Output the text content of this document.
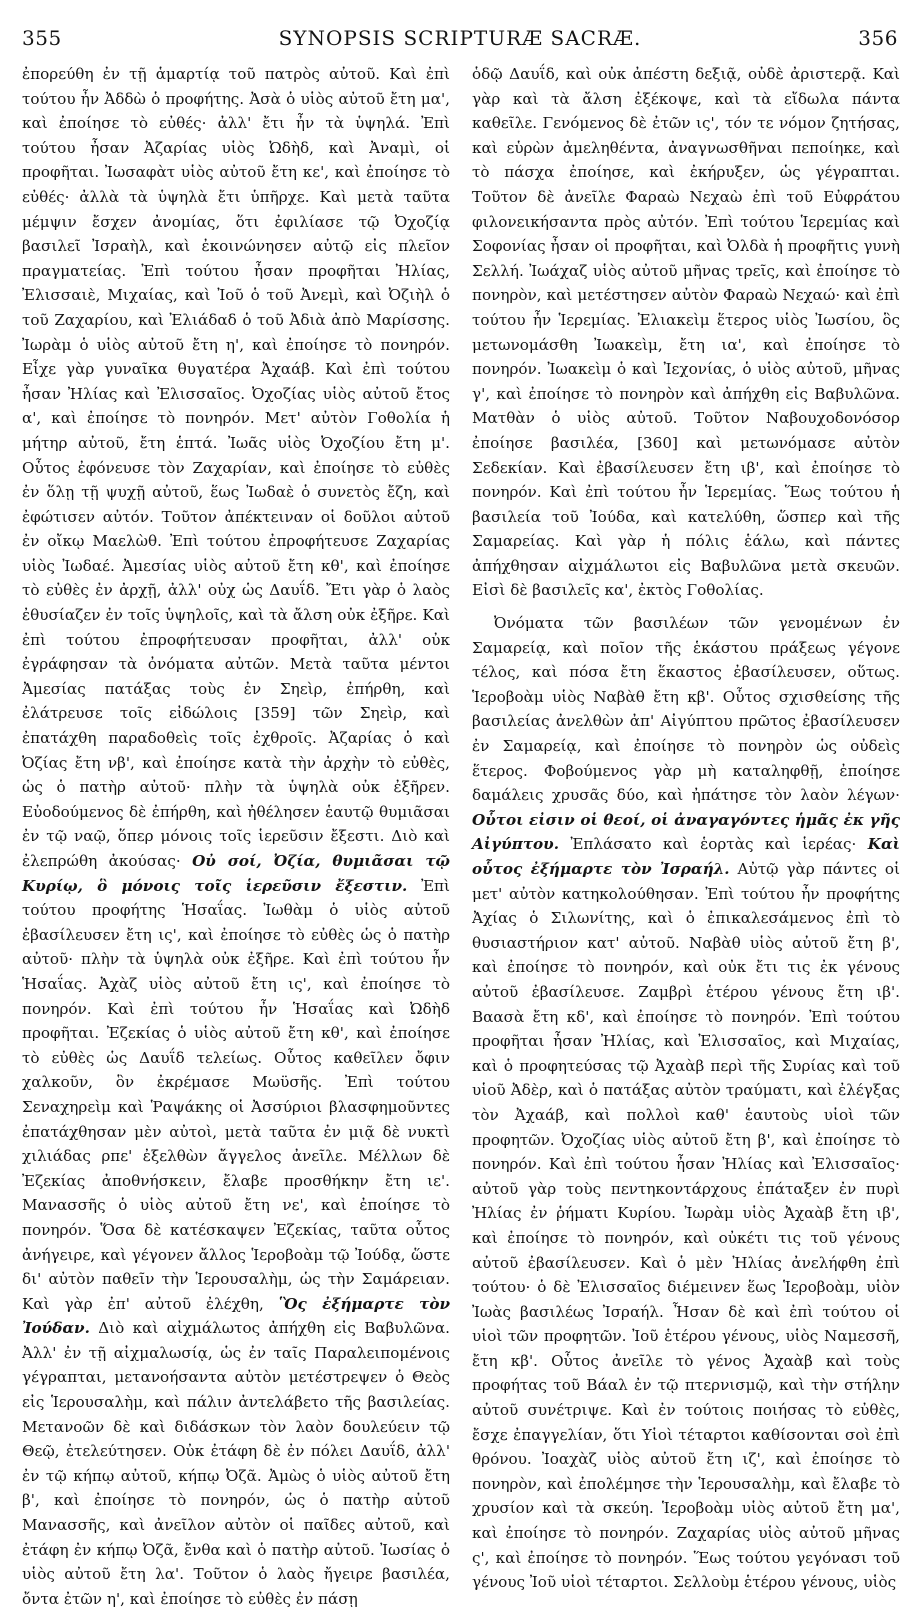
355	SYNOPSIS SCRIPTURÆ SACRÆ.	356

ἐπορεύθη ἐν τῇ ἁμαρτίᾳ τοῦ πατρὸς αὐτοῦ. Καὶ ἐπὶ τούτου ἦν Ἀδδὼ ὁ προφήτης. Ἀσὰ ὁ υἱὸς αὐτοῦ ἔτη μα', καὶ ἐποίησε τὸ εὐθές· ἀλλ' ἔτι ἦν τὰ ὑψηλά. Ἐπὶ τούτου ἦσαν Ἀζαρίας υἱὸς Ὠδὴδ, καὶ Ἀναμὶ, οἱ προφῆται. Ἰωσαφὰτ υἱὸς αὐτοῦ ἔτη κε', καὶ ἐποίησε τὸ εὐθές· ἀλλὰ τὰ ὑψηλὰ ἔτι ὑπῆρχε. Καὶ μετὰ ταῦτα μέμψιν ἔσχεν ἀνομίας, ὅτι ἐφιλίασε τῷ Ὀχοζίᾳ βασιλεῖ Ἰσραὴλ, καὶ ἐκοινώνησεν αὐτῷ εἰς πλεῖον πραγματείας. Ἐπὶ τούτου ἦσαν προφῆται Ἠλίας, Ἐλισσαιὲ, Μιχαίας, καὶ Ἰοῦ ὁ τοῦ Ἀνεμὶ, καὶ Ὀζιὴλ ὁ τοῦ Ζαχαρίου, καὶ Ἐλιάδαδ ὁ τοῦ Ἀδιὰ ἀπὸ Μαρίσσης. Ἰωρὰμ ὁ υἱὸς αὐτοῦ ἔτη η', καὶ ἐποίησε τὸ πονηρόν. Εἶχε γὰρ γυναῖκα θυγατέρα Ἀχαάβ. Καὶ ἐπὶ τούτου ἦσαν Ἠλίας καὶ Ἐλισσαῖος. Ὀχοζίας υἱὸς αὐτοῦ ἔτος α', καὶ ἐποίησε τὸ πονηρόν. Μετ' αὐτὸν Γοθολία ἡ μήτηρ αὐτοῦ, ἔτη ἑπτά. Ἰωᾶς υἱὸς Ὀχοζίου ἔτη μ'. Οὗτος ἐφόνευσε τὸν Ζαχαρίαν, καὶ ἐποίησε τὸ εὐθὲς ἐν ὅλῃ τῇ ψυχῇ αὐτοῦ, ἕως Ἰωδαὲ ὁ συνετὸς ἔζη, καὶ ἐφώτισεν αὐτόν. Τοῦτον ἀπέκτειναν οἱ δοῦλοι αὐτοῦ ἐν οἴκῳ Μαελὼθ. Ἐπὶ τούτου ἐπροφήτευσε Ζαχαρίας υἱὸς Ἰωδαέ. Ἀμεσίας υἱὸς αὐτοῦ ἔτη κθ', καὶ ἐποίησε τὸ εὐθὲς ἐν ἀρχῇ, ἀλλ' οὐχ ὡς Δαυΐδ. Ἔτι γὰρ ὁ λαὸς ἐθυσίαζεν ἐν τοῖς ὑψηλοῖς, καὶ τὰ ἄλση οὐκ ἐξῆρε. Καὶ ἐπὶ τούτου ἐπροφήτευσαν προφῆται, ἀλλ' οὐκ ἐγράφησαν τὰ ὀνόματα αὐτῶν. Μετὰ ταῦτα μέντοι Ἀμεσίας πατάξας τοὺς ἐν Σηεὶρ, ἐπήρθη, καὶ ἐλάτρευσε τοῖς εἰδώλοις [359] τῶν Σηεὶρ, καὶ ἐπατάχθη παραδοθεὶς τοῖς ἐχθροῖς. Ἀζαρίας ὁ καὶ Ὀζίας ἔτη νβ', καὶ ἐποίησε κατὰ τὴν ἀρχὴν τὸ εὐθὲς, ὡς ὁ πατὴρ αὐτοῦ· πλὴν τὰ ὑψηλὰ οὐκ ἐξῆρεν. Εὐοδούμενος δὲ ἐπήρθη, καὶ ἠθέλησεν ἑαυτῷ θυμιᾶσαι ἐν τῷ ναῷ, ὅπερ μόνοις τοῖς ἱερεῦσιν ἔξεστι. Διὸ καὶ ἐλεπρώθη ἀκούσας· Οὐ σοί, Ὀζία, θυμιᾶσαι τῷ Κυρίῳ, ὃ μόνοις τοῖς ἱερεῦσιν ἔξεστιν. Ἐπὶ τούτου προφήτης Ἡσαΐας. Ἰωθὰμ ὁ υἱὸς αὐτοῦ ἐβασίλευσεν ἔτη ις', καὶ ἐποίησε τὸ εὐθὲς ὡς ὁ πατὴρ αὐτοῦ· πλὴν τὰ ὑψηλὰ οὐκ ἐξῆρε. Καὶ ἐπὶ τούτου ἦν Ἡσαΐας. Ἀχὰζ υἱὸς αὐτοῦ ἔτη ις', καὶ ἐποίησε τὸ πονηρόν. Καὶ ἐπὶ τούτου ἦν Ἡσαΐας καὶ Ὠδὴδ προφῆται. Ἐζεκίας ὁ υἱὸς αὐτοῦ ἔτη κθ', καὶ ἐποίησε τὸ εὐθὲς ὡς Δαυΐδ τελείως. Οὗτος καθεῖλεν ὄφιν χαλκοῦν, ὃν ἐκρέμασε Μωϋσῆς. Ἐπὶ τούτου Σεναχηρεὶμ καὶ Ῥαψάκης οἱ Ἀσσύριοι βλασφημοῦντες ἐπατάχθησαν μὲν αὐτοὶ, μετὰ ταῦτα ἐν μιᾷ δὲ νυκτὶ χιλιάδας ρπε' ἐξελθὼν ἄγγελος ἀνεῖλε. Μέλλων δὲ Ἐζεκίας ἀποθνήσκειν, ἔλαβε προσθήκην ἔτη ιε'. Μανασσῆς ὁ υἱὸς αὐτοῦ ἔτη νε', καὶ ἐποίησε τὸ πονηρόν. Ὅσα δὲ κατέσκαψεν Ἐζεκίας, ταῦτα οὗτος ἀνήγειρε, καὶ γέγονεν ἄλλος Ἱεροβοὰμ τῷ Ἰούδᾳ, ὥστε δι' αὐτὸν παθεῖν τὴν Ἱερουσαλὴμ, ὡς τὴν Σαμάρειαν. Καὶ γὰρ ἐπ' αὐτοῦ ἐλέχθη, Ὃς ἐξήμαρτε τὸν Ἰούδαν. Διὸ καὶ αἰχμάλωτος ἀπήχθη εἰς Βαβυλῶνα. Ἀλλ' ἐν τῇ αἰχμαλωσίᾳ, ὡς ἐν ταῖς Παραλειπομένοις γέγραπται, μετανοήσαντα αὐτὸν μετέστρεψεν ὁ Θεὸς εἰς Ἱερουσαλὴμ, καὶ πάλιν ἀντελάβετο τῆς βασιλείας. Μετανοῶν δὲ καὶ διδάσκων τὸν λαὸν δουλεύειν τῷ Θεῷ, ἐτελεύτησεν. Οὐκ ἐτάφη δὲ ἐν πόλει Δαυΐδ, ἀλλ' ἐν τῷ κήπῳ αὐτοῦ, κήπῳ Ὀζᾶ. Ἀμὼς ὁ υἱὸς αὐτοῦ ἔτη β', καὶ ἐποίησε τὸ πονηρόν, ὡς ὁ πατὴρ αὐτοῦ Μανασσῆς, καὶ ἀνεῖλον αὐτὸν οἱ παῖδες αὐτοῦ, καὶ ἐτάφη ἐν κήπῳ Ὀζᾶ, ἔνθα καὶ ὁ πατὴρ αὐτοῦ. Ἰωσίας ὁ υἱὸς αὐτοῦ ἔτη λα'. Τοῦτον ὁ λαὸς ἤγειρε βασιλέα, ὄντα ἐτῶν η', καὶ ἐποίησε τὸ εὐθὲς ἐν πάσῃ

ὁδῷ Δαυΐδ, καὶ οὐκ ἀπέστη δεξιᾷ, οὐδὲ ἀριστερᾷ. Καὶ γὰρ καὶ τὰ ἄλση ἐξέκοψε, καὶ τὰ εἴδωλα πάντα καθεῖλε. Γενόμενος δὲ ἐτῶν ις', τόν τε νόμον ζητήσας, καὶ εὑρὼν ἀμεληθέντα, ἀναγνωσθῆναι πεποίηκε, καὶ τὸ πάσχα ἐποίησε, καὶ ἐκήρυξεν, ὡς γέγραπται. Τοῦτον δὲ ἀνεῖλε Φαραὼ Νεχαὼ ἐπὶ τοῦ Εὐφράτου φιλονεικήσαντα πρὸς αὐτόν. Ἐπὶ τούτου Ἱερεμίας καὶ Σοφονίας ἦσαν οἱ προφῆται, καὶ Ὀλδὰ ἡ προφῆτις γυνὴ Σελλή. Ἰωάχαζ υἱὸς αὐτοῦ μῆνας τρεῖς, καὶ ἐποίησε τὸ πονηρὸν, καὶ μετέστησεν αὐτὸν Φαραὼ Νεχαώ· καὶ ἐπὶ τούτου ἦν Ἱερεμίας. Ἐλιακεὶμ ἕτερος υἱὸς Ἰωσίου, ὃς μετωνομάσθη Ἰωακεὶμ, ἔτη ια', καὶ ἐποίησε τὸ πονηρόν. Ἰωακεὶμ ὁ καὶ Ἰεχονίας, ὁ υἱὸς αὐτοῦ, μῆνας γ', καὶ ἐποίησε τὸ πονηρὸν καὶ ἀπήχθη εἰς Βαβυλῶνα. Ματθὰν ὁ υἱὸς αὐτοῦ. Τοῦτον Ναβουχοδονόσορ ἐποίησε βασιλέα, [360] καὶ μετωνόμασε αὐτὸν Σεδεκίαν. Καὶ ἐβασίλευσεν ἔτη ιβ', καὶ ἐποίησε τὸ πονηρόν. Καὶ ἐπὶ τούτου ἦν Ἱερεμίας. Ἕως τούτου ἡ βασιλεία τοῦ Ἰούδα, καὶ κατελύθη, ὥσπερ καὶ τῆς Σαμαρείας. Καὶ γὰρ ἡ πόλις ἑάλω, καὶ πάντες ἀπήχθησαν αἰχμάλωτοι εἰς Βαβυλῶνα μετὰ σκευῶν. Εἰσὶ δὲ βασιλεῖς κα', ἐκτὸς Γοθολίας.

Ὀνόματα τῶν βασιλέων τῶν γενομένων ἐν Σαμαρείᾳ, καὶ ποῖον τῆς ἑκάστου πράξεως γέγονε τέλος, καὶ πόσα ἔτη ἕκαστος ἐβασίλευσεν, οὕτως. Ἱεροβοὰμ υἱὸς Ναβὰθ ἔτη κβ'. Οὗτος σχισθείσης τῆς βασιλείας ἀνελθὼν ἀπ' Αἰγύπτου πρῶτος ἐβασίλευσεν ἐν Σαμαρείᾳ, καὶ ἐποίησε τὸ πονηρὸν ὡς οὐδεὶς ἕτερος. Φοβούμενος γὰρ μὴ καταληφθῇ, ἐποίησε δαμάλεις χρυσᾶς δύο, καὶ ἠπάτησε τὸν λαὸν λέγων· Οὗτοι εἰσιν οἱ θεοί, οἱ ἀναγαγόντες ἡμᾶς ἐκ γῆς Αἰγύπτου. Ἐπλάσατο καὶ ἑορτὰς καὶ ἱερέας· Καὶ οὗτος ἐξήμαρτε τὸν Ἰσραήλ. Αὐτῷ γὰρ πάντες οἱ μετ' αὐτὸν κατηκολούθησαν. Ἐπὶ τούτου ἦν προφήτης Ἀχίας ὁ Σιλωνίτης, καὶ ὁ ἐπικαλεσάμενος ἐπὶ τὸ θυσιαστήριον κατ' αὐτοῦ. Ναβὰθ υἱὸς αὐτοῦ ἔτη β', καὶ ἐποίησε τὸ πονηρόν, καὶ οὐκ ἔτι τις ἐκ γένους αὐτοῦ ἐβασίλευσε. Ζαμβρὶ ἑτέρου γένους ἔτη ιβ'. Βαασὰ ἔτη κδ', καὶ ἐποίησε τὸ πονηρόν. Ἐπὶ τούτου προφῆται ἦσαν Ἠλίας, καὶ Ἐλισσαῖος, καὶ Μιχαίας, καὶ ὁ προφητεύσας τῷ Ἀχαὰβ περὶ τῆς Συρίας καὶ τοῦ υἱοῦ Ἀδὲρ, καὶ ὁ πατάξας αὐτὸν τραύματι, καὶ ἐλέγξας τὸν Ἀχαάβ, καὶ πολλοὶ καθ' ἑαυτοὺς υἱοὶ τῶν προφητῶν. Ὀχοζίας υἱὸς αὐτοῦ ἔτη β', καὶ ἐποίησε τὸ πονηρόν. Καὶ ἐπὶ τούτου ἦσαν Ἠλίας καὶ Ἐλισσαῖος· αὐτοῦ γὰρ τοὺς πεντηκοντάρχους ἐπάταξεν ἐν πυρὶ Ἠλίας ἐν ῥήματι Κυρίου. Ἰωρὰμ υἱὸς Ἀχαὰβ ἔτη ιβ', καὶ ἐποίησε τὸ πονηρόν, καὶ οὐκέτι τις τοῦ γένους αὐτοῦ ἐβασίλευσεν. Καὶ ὁ μὲν Ἠλίας ἀνελήφθη ἐπὶ τούτου· ὁ δὲ Ἐλισσαῖος διέμεινεν ἕως Ἱεροβοὰμ, υἱὸν Ἰωὰς βασιλέως Ἰσραήλ. Ἦσαν δὲ καὶ ἐπὶ τούτου οἱ υἱοὶ τῶν προφητῶν. Ἰοῦ ἑτέρου γένους, υἱὸς Ναμεσσῆ, ἔτη κβ'. Οὗτος ἀνεῖλε τὸ γένος Ἀχαὰβ καὶ τοὺς προφήτας τοῦ Βάαλ ἐν τῷ πτερνισμῷ, καὶ τὴν στήλην αὐτοῦ συνέτριψε. Καὶ ἐν τούτοις ποιήσας τὸ εὐθὲς, ἔσχε ἐπαγγελίαν, ὅτι Υἱοὶ τέταρτοι καθίσονται σοὶ ἐπὶ θρόνου. Ἰοαχὰζ υἱὸς αὐτοῦ ἔτη ιζ', καὶ ἐποίησε τὸ πονηρὸν, καὶ ἐπολέμησε τὴν Ἱερουσαλὴμ, καὶ ἔλαβε τὸ χρυσίον καὶ τὰ σκεύη. Ἱεροβοὰμ υἱὸς αὐτοῦ ἔτη μα', καὶ ἐποίησε τὸ πονηρόν. Ζαχαρίας υἱὸς αὐτοῦ μῆνας ς', καὶ ἐποίησε τὸ πονηρόν. Ἕως τούτου γεγόνασι τοῦ γένους Ἰοῦ υἱοὶ τέταρτοι. Σελλοὺμ ἑτέρου γένους, υἱὸς
